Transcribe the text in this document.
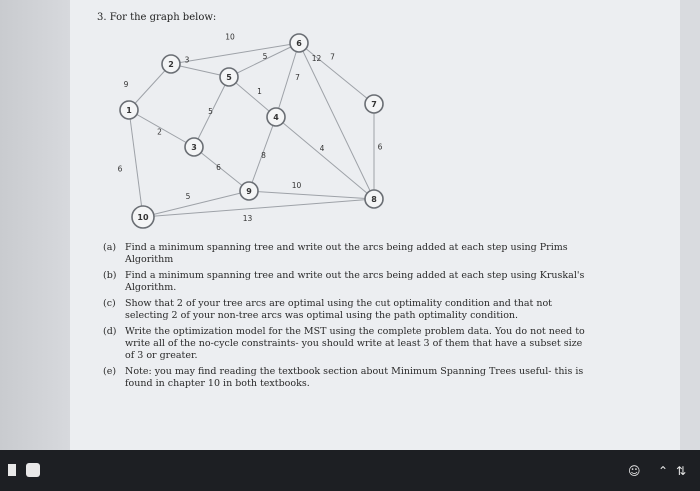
3. For the graph below:
9
2
6
3
10
5
5
1
6
8
7
12 7
4	6
10
5
13
1
2
3
4
5
6
7
8
9
10
(a) Find a minimum spanning tree and write out the arcs being added at each step using Prims Algorithm
(b) Find a minimum spanning tree and write out the arcs being added at each step using Kruskal's Algorithm.
(c) Show that 2 of your tree arcs are optimal using the cut optimality condition and that not selecting 2 of your non-tree arcs was optimal using the path optimality condition.
(d) Write the optimization model for the MST using the complete problem data. You do not need to write all of the no-cycle constraints- you should write at least 3 of them that have a subset size of 3 or greater.
(e) Note: you may find reading the textbook section about Minimum Spanning Trees useful- this is found in chapter 10 in both textbooks.
☺ ⌃ ⇅
